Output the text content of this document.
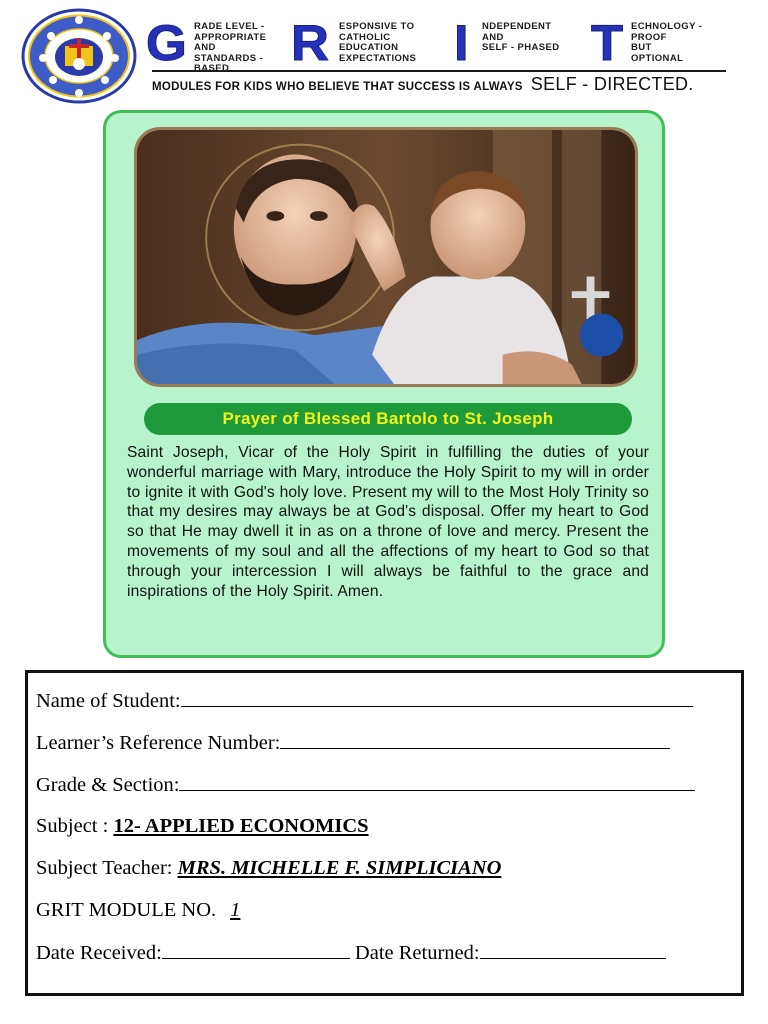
G RADE LEVEL -
APPROPRIATE
AND
STANDARDS -
BASED	R ESPONSIVE TO
CATHOLIC
EDUCATION
EXPECTATIONS I NDEPENDENT
AND
SELF - PHASED T ECHNOLOGY -
PROOF
BUT
OPTIONAL
MODULES FOR KIDS WHO BELIEVE THAT SUCCESS IS ALWAYS SELF - DIRECTED.
Prayer of Blessed Bartolo to St. Joseph
Saint Joseph, Vicar of the Holy Spirit in fulfilling the duties of your wonderful marriage with Mary, introduce the Holy Spirit to my will in order to ignite it with God's holy love. Present my will to the Most Holy Trinity so that my desires may always be at God's disposal. Offer my heart to God so that He may dwell it in as on a throne of love and mercy. Present the movements of my soul and all the affections of my heart to God so that through your intercession I will always be faithful to the grace and inspirations of the Holy Spirit. Amen.
Name of Student:
Learner’s Reference Number:
Grade & Section:
Subject : 12- APPLIED ECONOMICS
Subject Teacher: MRS. MICHELLE F. SIMPLICIANO
GRIT MODULE NO. 1
Date Received:	Date Returned:
